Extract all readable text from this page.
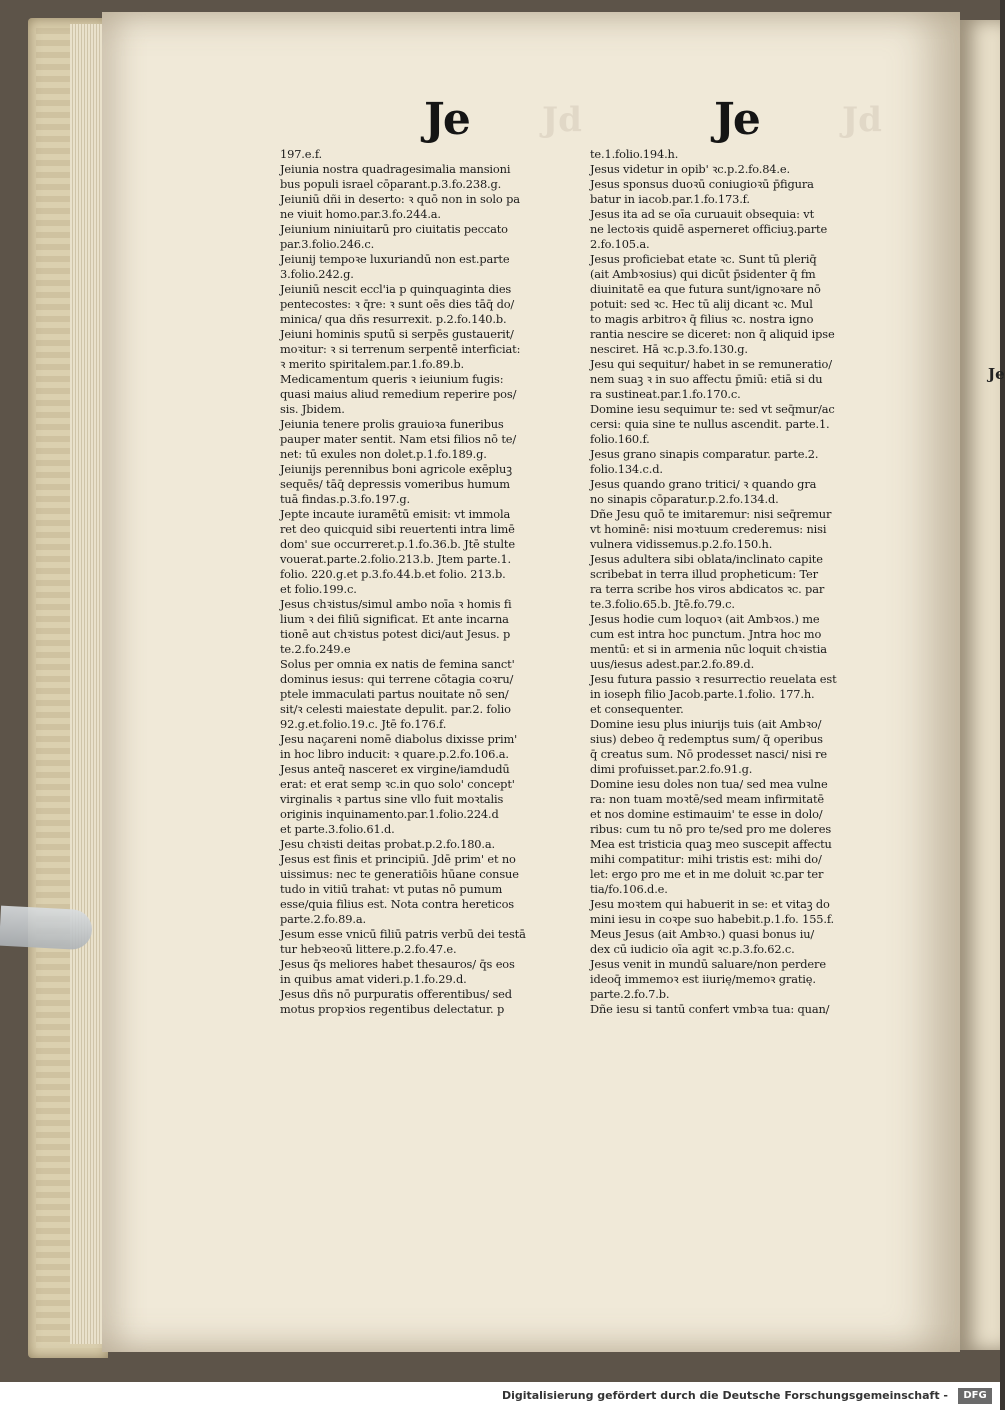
Jd	Jd
Je	Je
197.e.f.
Jeiunia nostra quadragesimalia mansioni
bus populi israel cōparant.p.3.fo.238.g.
Jeiuniū dñi in deserto: ꝛ quō non in solo pa
ne viuit homo.par.3.fo.244.a.
Jeiunium niniuitarū pro ciuitatis peccato
par.3.folio.246.c.
Jeiunij tempoꝛe luxuriandū non est.parte
3.folio.242.g.
Jeiuniū nescit eccl'ia p quinquaginta dies
pentecostes: ꝛ q̄re: ꝛ sunt oēs dies tāq̄ do/
minica/ qua dñs resurrexit. p.2.fo.140.b.
Jeiuni hominis sputū si serpēs gustauerit/
moꝛitur: ꝛ si terrenum serpentē interficiat:
ꝛ merito spiritalem.par.1.fo.89.b.
Medicamentum queris ꝛ ieiunium fugis:
quasi maius aliud remedium reperire pos/
sis. Jbidem.
Jeiunia tenere prolis grauioꝛa funeribus
pauper mater sentit. Nam etsi filios nō te/
net: tū exules non dolet.p.1.fo.189.g.
Jeiunijs perennibus boni agricole exēpluꝫ
sequēs/ tāq̄ depressis vomeribus humum
tuā findas.p.3.fo.197.g.
Jepte incaute iuramētū emisit: vt immola
ret deo quicquid sibi reuertenti intra limē
dom' sue occurreret.p.1.fo.36.b. Jtē stulte
vouerat.parte.2.folio.213.b. Jtem parte.1.
folio. 220.g.et p.3.fo.44.b.et folio. 213.b.
et folio.199.c.
Jesus chꝛistus/simul ambo noīa ꝛ homis fi
lium ꝛ dei filiū significat. Et ante incarna
tionē aut chꝛistus potest dici/aut Jesus. p
te.2.fo.249.e
Solus per omnia ex natis de femina sanct'
dominus iesus: qui terrene cōtagia coꝛru/
ptele immaculati partus nouitate nō sen/
sit/ꝛ celesti maiestate depulit. par.2. folio
92.g.et.folio.19.c. Jtē fo.176.f.
Jesu naçareni nomē diabolus dixisse prim'
in hoc libro inducit: ꝛ quare.p.2.fo.106.a.
Jesus anteq̄ nasceret ex virgine/iamdudū
erat: et erat semp ꝛc.in quo solo' concept'
virginalis ꝛ partus sine vllo fuit moꝛtalis
originis inquinamento.par.1.folio.224.d
et parte.3.folio.61.d.
Jesu chꝛisti deitas probat.p.2.fo.180.a.
Jesus est finis et principiū. Jdē prim' et no
uissimus: nec te generatiōis hūane consue
tudo in vitiū trahat: vt putas nō pumum
esse/quia filius est. Nota contra hereticos
parte.2.fo.89.a.
Jesum esse vnicū filiū patris verbū dei testā
tur hebꝛeoꝛū littere.p.2.fo.47.e.
Jesus q̄s meliores habet thesauros/ q̄s eos
in quibus amat videri.p.1.fo.29.d.
Jesus dñs nō purpuratis offerentibus/ sed
motus propꝛios regentibus delectatur. p
te.1.folio.194.h.
Jesus videtur in opib' ꝛc.p.2.fo.84.e.
Jesus sponsus duoꝛū coniugioꝛū p̄figura
batur in iacob.par.1.fo.173.f.
Jesus ita ad se oīa curuauit obsequia: vt
ne lectoꝛis quidē asperneret officiuꝫ.parte
2.fo.105.a.
Jesus proficiebat etate ꝛc. Sunt tū pleriq̄
(ait Ambꝛosius) qui dicūt p̄sidenter q̄ fm
diuinitatē ea que futura sunt/ignoꝛare nō
potuit: sed ꝛc. Hec tū alij dicant ꝛc. Mul
to magis arbitroꝛ q̄ filius ꝛc. nostra igno
rantia nescire se diceret: non q̄ aliquid ipse
nesciret. Hā ꝛc.p.3.fo.130.g.
Jesu qui sequitur/ habet in se remuneratio/
nem suaꝫ ꝛ in suo affectu p̄miū: etiā si du
ra sustineat.par.1.fo.170.c.
Domine iesu sequimur te: sed vt seq̄mur/ac
cersi: quia sine te nullus ascendit. parte.1.
folio.160.f.
Jesus grano sinapis comparatur. parte.2.
folio.134.c.d.
Jesus quando grano tritici/ ꝛ quando gra
no sinapis cōparatur.p.2.fo.134.d.
Dñe Jesu quō te imitaremur: nisi seq̄remur
vt hominē: nisi moꝛtuum crederemus: nisi
vulnera vidissemus.p.2.fo.150.h.
Jesus adultera sibi oblata/inclinato capite
scribebat in terra illud propheticum: Ter
ra terra scribe hos viros abdicatos ꝛc. par
te.3.folio.65.b. Jtē.fo.79.c.
Jesus hodie cum loquoꝛ (ait Ambꝛos.) me
cum est intra hoc punctum. Jntra hoc mo
mentū: et si in armenia nūc loquit chꝛistia
uus/iesus adest.par.2.fo.89.d.
Jesu futura passio ꝛ resurrectio reuelata est
in ioseph filio Jacob.parte.1.folio. 177.h.
et consequenter.
Domine iesu plus iniurijs tuis (ait Ambꝛo/
sius) debeo q̄ redemptus sum/ q̄ operibus
q̄ creatus sum. Nō prodesset nasci/ nisi re
dimi profuisset.par.2.fo.91.g.
Domine iesu doles non tua/ sed mea vulne
ra: non tuam moꝛtē/sed meam infirmitatē
et nos domine estimauim' te esse in dolo/
ribus: cum tu nō pro te/sed pro me doleres
Mea est tristicia quaꝫ meo suscepit affectu
mihi compatitur: mihi tristis est: mihi do/
let: ergo pro me et in me doluit ꝛc.par ter
tia/fo.106.d.e.
Jesu moꝛtem qui habuerit in se: et vitaꝫ do
mini iesu in coꝛpe suo habebit.p.1.fo. 155.f.
Meus Jesus (ait Ambꝛo.) quasi bonus iu/
dex cū iudicio oīa agit ꝛc.p.3.fo.62.c.
Jesus venit in mundū saluare/non perdere
ideoq̄ immemoꝛ est iiurię/memoꝛ gratię.
parte.2.fo.7.b.
Dñe iesu si tantū confert vmbꝛa tua: quan/
Je
Digitalisierung gefördert durch die Deutsche Forschungsgemeinschaft -	DFG
